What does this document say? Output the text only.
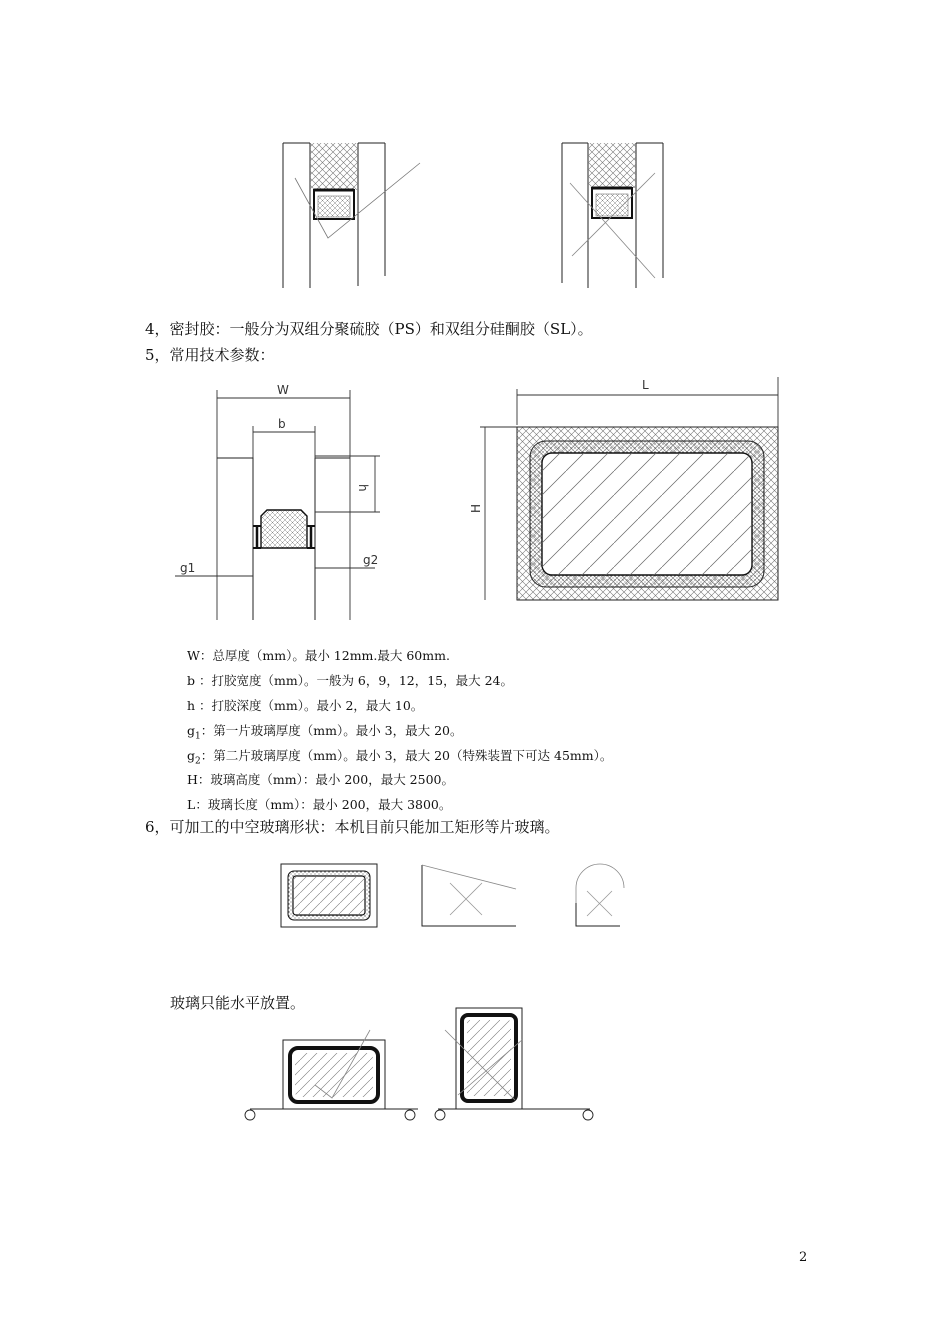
4，密封胶：一般分为双组分聚硫胶（PS）和双组分硅酮胶（SL）。
5，常用技术参数：
W
b
h
g1
g2
L
H
W：总厚度（mm）。最小 12mm.最大 60mm.
b ：打胶宽度（mm）。一般为 6，9，12，15，最大 24。
h ：打胶深度（mm）。最小 2，最大 10。
$g_1$：第一片玻璃厚度（mm）。最小 3，最大 20。
$g_2$：第二片玻璃厚度（mm）。最小 3，最大 20（特殊装置下可达 45mm）。
H：玻璃高度（mm）：最小 200，最大 2500。
L：玻璃长度（mm）：最小 200，最大 3800。
6，可加工的中空玻璃形状：本机目前只能加工矩形等片玻璃。
玻璃只能水平放置。
2
